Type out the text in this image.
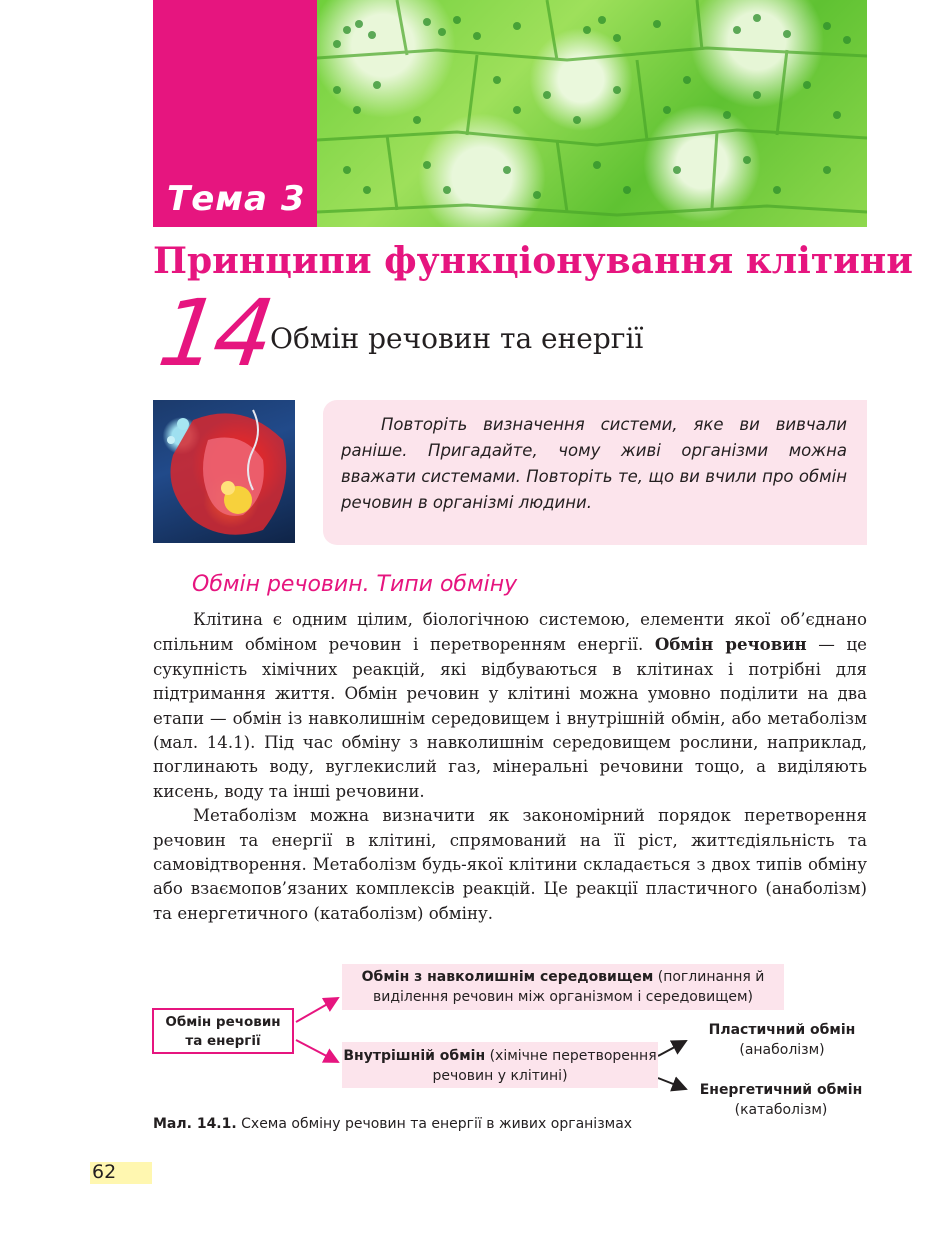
Тема 3
Принципи функціонування клітини
14
Обмін речовин та енергії
Повторіть визначення системи, яке ви вивчали раніше. Пригадайте, чому живі організми можна вважати системами. Повторіть те, що ви вчили про обмін речовин в організмі людини.
Обмін речовин. Типи обміну

Клітина є одним цілим, біологічною системою, елементи якої об’єднано спільним обміном речовин і перетворенням енергії. Обмін речовин — це сукупність хімічних реакцій, які відбуваються в клітинах і потрібні для підтримання життя. Обмін речовин у клітині можна умовно поділити на два етапи — обмін із навколишнім середовищем і внутрішній обмін, або метаболізм (мал. 14.1). Під час обміну з навколишнім середовищем рослини, наприклад, поглинають воду, вуглекислий газ, мінеральні речовини тощо, а виділяють кисень, воду та інші речовини.

Метаболізм можна визначити як закономірний порядок перетворення речовин та енергії в клітині, спрямований на її ріст, життєдіяльність та самовідтворення. Метаболізм будь-якої клітини складається з двох типів обміну або взаємопов’язаних комплексів реакцій. Це реакції пластичного (анаболізм) та енергетичного (катаболізм) обміну.

Обмін речовин
та енергії
Обмін з навколишнім середовищем (поглинання й виділення речовин між організмом і середовищем)
Внутрішній обмін (хімічне перетворення речовин у клітині)
Пластичний обмін
(анаболізм)
Енергетичний обмін
(катаболізм)
Мал. 14.1. Схема обміну речовин та енергії в живих організмах
62
